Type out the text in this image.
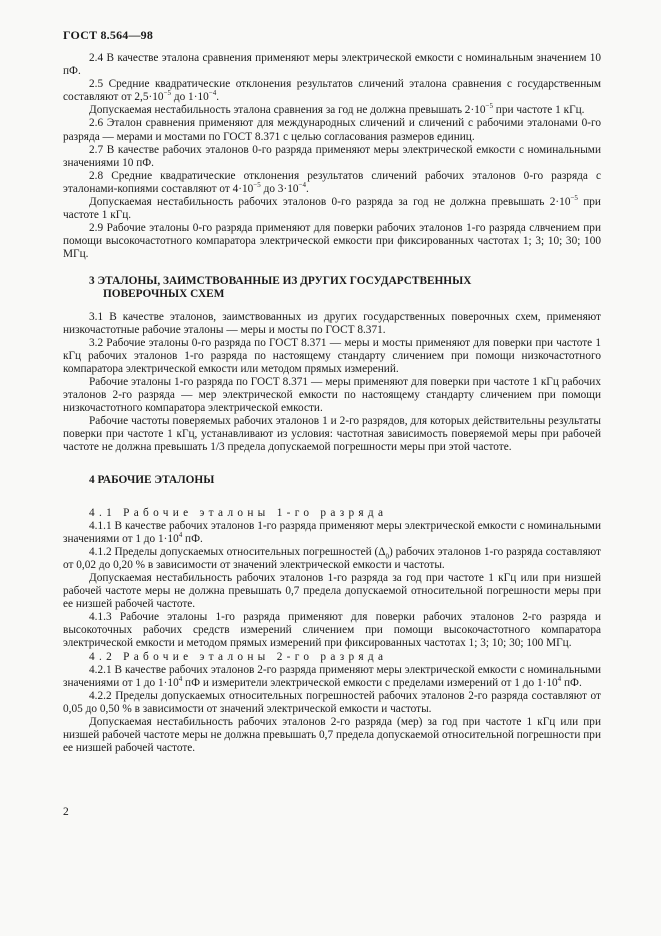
ГОСТ 8.564—98

2.4 В качестве эталона сравнения применяют меры электрической емкости с номинальным значением 10 пФ.

2.5 Средние квадратические отклонения результатов сличений эталона сравнения с государственным составляют от $2,5\cdot 10^{-5}$ до $1\cdot 10^{-4}$.

Допускаемая нестабильность эталона сравнения за год не должна превышать $2\cdot 10^{-5}$ при частоте 1 кГц.

2.6 Эталон сравнения применяют для международных сличений и сличений с рабочими эталонами 0-го разряда — мерами и мостами по ГОСТ 8.371 с целью согласования размеров единиц.

2.7 В качестве рабочих эталонов 0-го разряда применяют меры электрической емкости с номинальными значениями 10 пФ.

2.8 Средние квадратические отклонения результатов сличений рабочих эталонов 0-го разряда с эталонами-копиями составляют от $4\cdot 10^{-5}$ до $3\cdot 10^{-4}$.

Допускаемая нестабильность рабочих эталонов 0-го разряда за год не должна превышать $2\cdot 10^{-5}$ при частоте 1 кГц.

2.9 Рабочие эталоны 0-го разряда применяют для поверки рабочих эталонов 1-го разряда слвчением при помощи высокочастотного компаратора электрической емкости при фиксированных частотах 1; 3; 10; 30; 100 МГц.

3 ЭТАЛОНЫ, ЗАИМСТВОВАННЫЕ ИЗ ДРУГИХ ГОСУДАРСТВЕННЫХ
ПОВЕРОЧНЫХ СХЕМ

3.1 В качестве эталонов, заимствованных из других государственных поверочных схем, применяют низкочастотные рабочие эталоны — меры и мосты по ГОСТ 8.371.

3.2 Рабочие эталоны 0-го разряда по ГОСТ 8.371 — меры и мосты применяют для поверки при частоте 1 кГц рабочих эталонов 1-го разряда по настоящему стандарту сличением при помощи низкочастотного компаратора электрической емкости или методом прямых измерений.

Рабочие эталоны 1-го разряда по ГОСТ 8.371 — меры применяют для поверки при частоте 1 кГц рабочих эталонов 2-го разряда — мер электрической емкости по настоящему стандарту сличением при помощи низкочастотного компаратора электрической емкости.

Рабочие частоты поверяемых рабочих эталонов 1 и 2-го разрядов, для которых действительны результаты поверки при частоте 1 кГц, устанавливают из условия: частотная зависимость поверяемой меры при рабочей частоте не должна превышать 1/3 предела допускаемой погрешности меры при этой частоте.

4 РАБОЧИЕ ЭТАЛОНЫ

4.1 Рабочие эталоны 1-го разряда

4.1.1 В качестве рабочих эталонов 1-го разряда применяют меры электрической емкости с номинальными значениями от 1 до $1\cdot 10^4$ пФ.

4.1.2 Пределы допускаемых относительных погрешностей $(\Delta_0)$ рабочих эталонов 1-го разряда составляют от 0,02 до 0,20 % в зависимости от значений электрической емкости и частоты.

Допускаемая нестабильность рабочих эталонов 1-го разряда за год при частоте 1 кГц или при низшей рабочей частоте меры не должна превышать 0,7 предела допускаемой относительной погрешности меры при ее низшей рабочей частоте.

4.1.3 Рабочие эталоны 1-го разряда применяют для поверки рабочих эталонов 2-го разряда и высокоточных рабочих средств измерений сличением при помощи высокочастотного компаратора электрической емкости и методом прямых измерений при фиксированных частотах 1; 3; 10; 30; 100 МГц.

4.2 Рабочие эталоны 2-го разряда

4.2.1 В качестве рабочих эталонов 2-го разряда применяют меры электрической емкости с номинальными значениями от 1 до $1\cdot 10^4$ пФ и измерители электрической емкости с пределами измерений от 1 до $1\cdot 10^4$ пФ.

4.2.2 Пределы допускаемых относительных погрешностей рабочих эталонов 2-го разряда составляют от 0,05 до 0,50 % в зависимости от значений электрической емкости и частоты.

Допускаемая нестабильность рабочих эталонов 2-го разряда (мер) за год при частоте 1 кГц или при низшей рабочей частоте меры не должна превышать 0,7 предела допускаемой относительной погрешности при ее низшей рабочей частоте.

2
